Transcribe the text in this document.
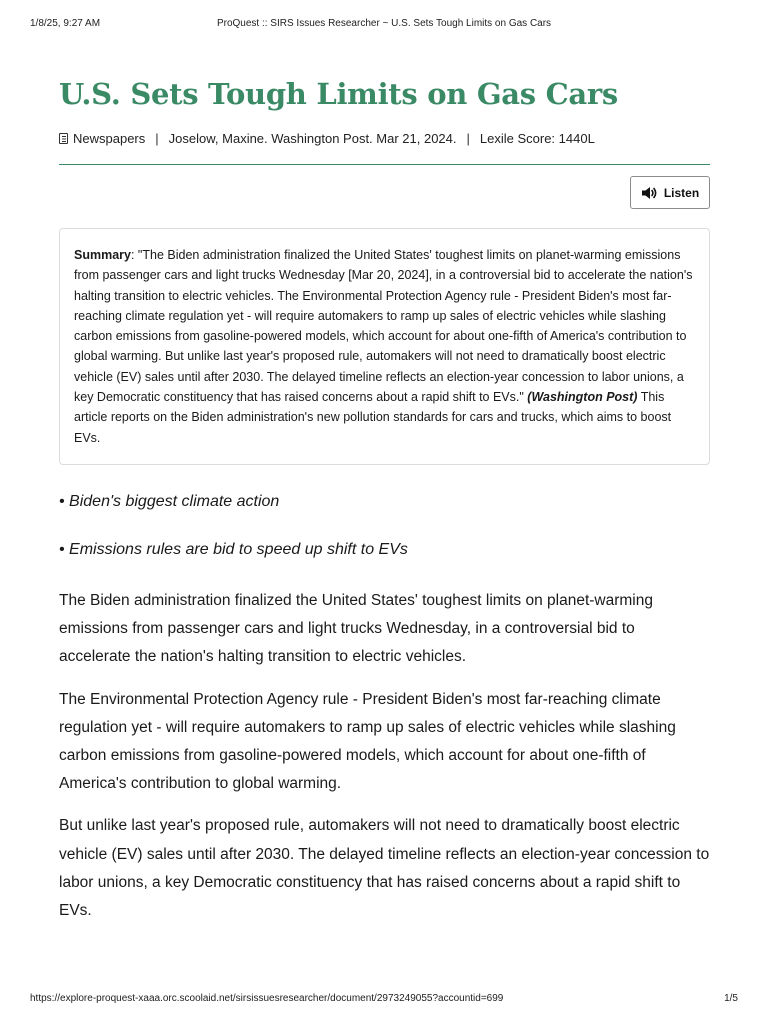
1/8/25, 9:27 AM	ProQuest :: SIRS Issues Researcher ~ U.S. Sets Tough Limits on Gas Cars
U.S. Sets Tough Limits on Gas Cars
Newspapers | Joselow, Maxine. Washington Post. Mar 21, 2024. | Lexile Score: 1440L
Listen
Summary: "The Biden administration finalized the United States' toughest limits on planet-warming emissions from passenger cars and light trucks Wednesday [Mar 20, 2024], in a controversial bid to accelerate the nation's halting transition to electric vehicles. The Environmental Protection Agency rule - President Biden's most far-reaching climate regulation yet - will require automakers to ramp up sales of electric vehicles while slashing carbon emissions from gasoline-powered models, which account for about one-fifth of America's contribution to global warming. But unlike last year's proposed rule, automakers will not need to dramatically boost electric vehicle (EV) sales until after 2030. The delayed timeline reflects an election-year concession to labor unions, a key Democratic constituency that has raised concerns about a rapid shift to EVs." (Washington Post) This article reports on the Biden administration's new pollution standards for cars and trucks, which aims to boost EVs.

• Biden's biggest climate action

• Emissions rules are bid to speed up shift to EVs

The Biden administration finalized the United States' toughest limits on planet-warming emissions from passenger cars and light trucks Wednesday, in a controversial bid to accelerate the nation's halting transition to electric vehicles.

The Environmental Protection Agency rule - President Biden's most far-reaching climate regulation yet - will require automakers to ramp up sales of electric vehicles while slashing carbon emissions from gasoline-powered models, which account for about one-fifth of America's contribution to global warming.

But unlike last year's proposed rule, automakers will not need to dramatically boost electric vehicle (EV) sales until after 2030. The delayed timeline reflects an election-year concession to labor unions, a key Democratic constituency that has raised concerns about a rapid shift to EVs.

https://explore-proquest-xaaa.orc.scoolaid.net/sirsissuesresearcher/document/2973249055?accountid=699	1/5
